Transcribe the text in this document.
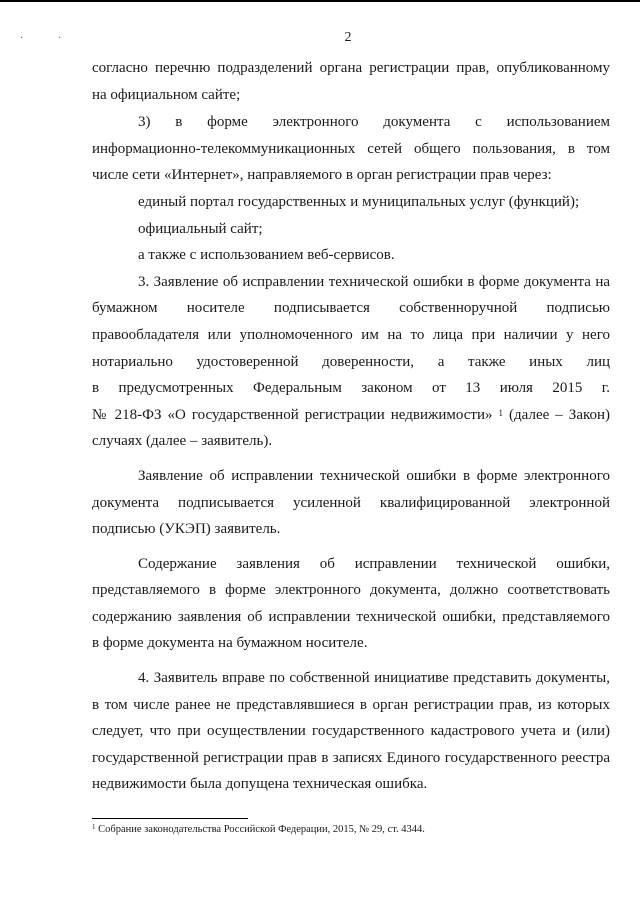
·	·	2

согласно перечню подразделений органа регистрации прав, опубликованному

на официальном сайте;

3) в форме электронного документа с использованием

информационно-телекоммуникационных сетей общего пользования, в том

числе сети «Интернет», направляемого в орган регистрации прав через:

единый портал государственных и муниципальных услуг (функций);

официальный сайт;

а также с использованием веб-сервисов.

3. Заявление об исправлении технической ошибки в форме документа на

бумажном носителе подписывается собственноручной подписью

правообладателя или уполномоченного им на то лица при наличии у него

нотариально удостоверенной доверенности, а также иных лиц

в предусмотренных Федеральным законом от 13 июля 2015 г.

№ 218-ФЗ «О государственной регистрации недвижимости» $^1$ (далее – Закон)

случаях (далее – заявитель).

Заявление об исправлении технической ошибки в форме электронного

документа подписывается усиленной квалифицированной электронной

подписью (УКЭП) заявитель.

Содержание заявления об исправлении технической ошибки,

представляемого в форме электронного документа, должно соответствовать

содержанию заявления об исправлении технической ошибки, представляемого

в форме документа на бумажном носителе.

4. Заявитель вправе по собственной инициативе представить документы,

в том числе ранее не представлявшиеся в орган регистрации прав, из которых

следует, что при осуществлении государственного кадастрового учета и (или)

государственной регистрации прав в записях Единого государственного реестра

недвижимости была допущена техническая ошибка.

$^1$ Собрание законодательства Российской Федерации, 2015, № 29, ст. 4344.
